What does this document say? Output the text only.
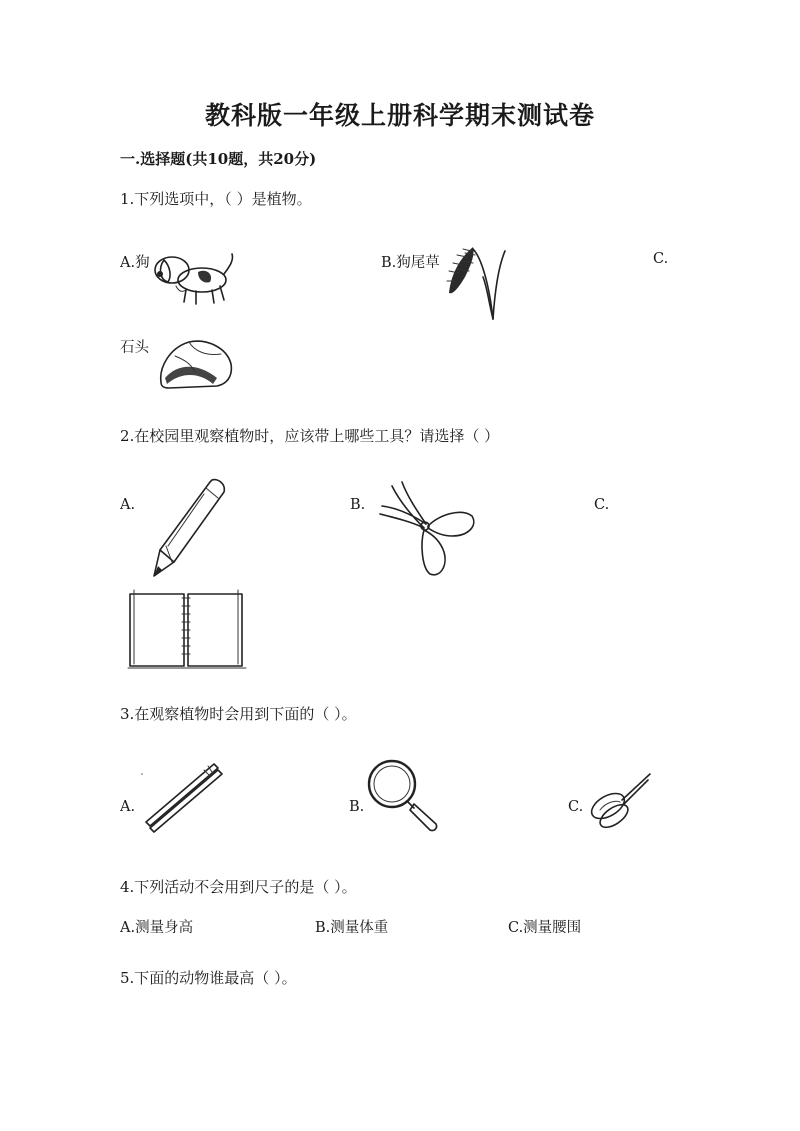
教科版一年级上册科学期末测试卷
一.选择题(共10题，共20分)
1.下列选项中，（ ）是植物。
A.狗	B.狗尾草	C.
石头
2.在校园里观察植物时，应该带上哪些工具？请选择（ ）
A.	B.	C.
3.在观察植物时会用到下面的（ ）。
A.	B.	C.
4.下列活动不会用到尺子的是（ ）。
A.测量身高	B.测量体重	C.测量腰围
5.下面的动物谁最高（ ）。
